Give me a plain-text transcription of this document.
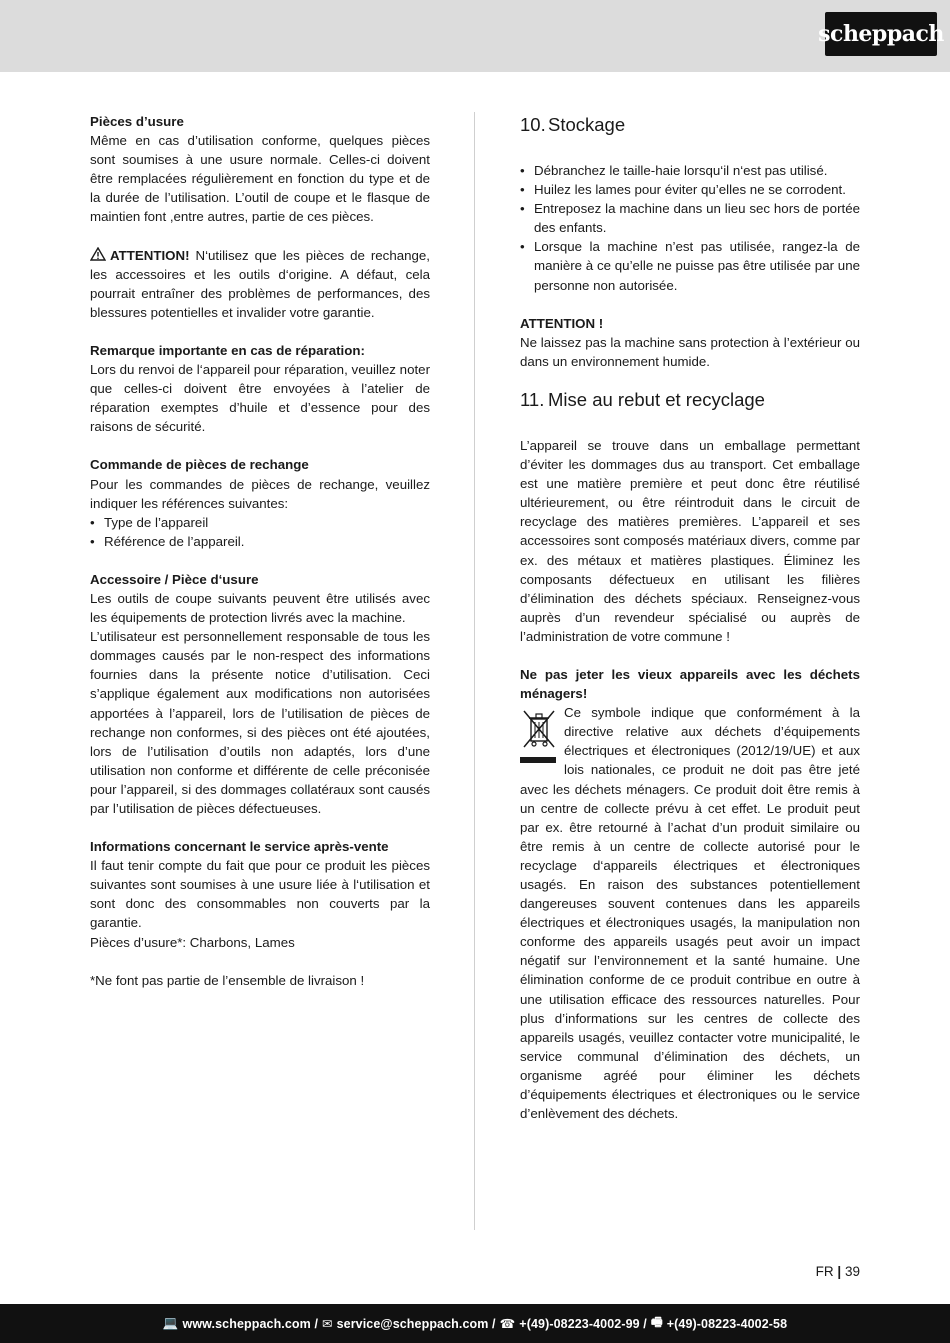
scheppach

Pièces d’usure

Même en cas d’utilisation conforme, quelques pièces sont soumises à une usure normale. Celles-ci doivent être remplacées régulièrement en fonction du type et de la durée de l’utilisation. L’outil de coupe et le flasque de maintien font ,entre autres, partie de ces pièces.

ATTENTION! N‘utilisez que les pièces de rechange, les accessoires et les outils d‘origine. A défaut, cela pourrait entraîner des problèmes de performances, des blessures potentielles et invalider votre garantie.

Remarque importante en cas de réparation:

Lors du renvoi de l‘appareil pour réparation, veuillez noter que celles-ci doivent être envoyées à l’atelier de réparation exemptes d’huile et d’essence pour des raisons de sécurité.

Commande de pièces de rechange

Pour les commandes de pièces de rechange, veuillez indiquer les références suivantes:

• Type de l’appareil
• Référence de l’appareil.

Accessoire / Pièce d‘usure

Les outils de coupe suivants peuvent être utilisés avec les équipements de protection livrés avec la machine.

L’utilisateur est personnellement responsable de tous les dommages causés par le non-respect des informations fournies dans la présente notice d’utilisation. Ceci s’applique également aux modifications non autorisées apportées à l’appareil, lors de l’utilisation de pièces de rechange non conformes, si des pièces ont été ajoutées, lors de l’utilisation d’outils non adaptés, lors d’une utilisation non conforme et différente de celle préconisée pour l’appareil, si des dommages collatéraux sont causés par l’utilisation de pièces défectueuses.

Informations concernant le service après-vente

Il faut tenir compte du fait que pour ce produit les pièces suivantes sont soumises à une usure liée à l‘utilisation et sont donc des consommables non couverts par la garantie.

Pièces d’usure*: Charbons, Lames

*Ne font pas partie de l’ensemble de livraison !

10. Stockage
• Débranchez le taille-haie lorsqu‘il n‘est pas utilisé.
• Huilez les lames pour éviter qu’elles ne se corrodent.
• Entreposez la machine dans un lieu sec hors de portée des enfants.
• Lorsque la machine n’est pas utilisée, rangez-la de manière à ce qu’elle ne puisse pas être utilisée par une personne non autorisée.

ATTENTION !

Ne laissez pas la machine sans protection à l’extérieur ou dans un environnement humide.

11. Mise au rebut et recyclage

L’appareil se trouve dans un emballage permettant d’éviter les dommages dus au transport. Cet emballage est une matière première et peut donc être réutilisé ultérieurement, ou être réintroduit dans le circuit de recyclage des matières premières. L’appareil et ses accessoires sont composés matériaux divers, comme par ex. des métaux et matières plastiques. Éliminez les composants défectueux en utilisant les filières d’élimination des déchets spéciaux. Renseignez-vous auprès d’un revendeur spécialisé ou auprès de l’administration de votre commune !

Ne pas jeter les vieux appareils avec les déchets ménagers!

Ce symbole indique que conformément à la directive relative aux déchets d’équipements électriques et électroniques (2012/19/UE) et aux lois nationales, ce produit ne doit pas être jeté avec les déchets ménagers. Ce produit doit être remis à un centre de collecte prévu à cet effet. Le produit peut par ex. être retourné à l’achat d’un produit similaire ou être remis à un centre de collecte autorisé pour le recyclage d‘appareils électriques et électroniques usagés. En raison des substances potentiellement dangereuses souvent contenues dans les appareils électriques et électroniques usagés, la manipulation non conforme des appareils usagés peut avoir un impact négatif sur l’environnement et la santé humaine. Une élimination conforme de ce produit contribue en outre à une utilisation efficace des ressources naturelles. Pour plus d’informations sur les centres de collecte des appareils usagés, veuillez contacter votre municipalité, le service communal d’élimination des déchets, un organisme agréé pour éliminer les déchets d’équipements électriques et électroniques ou le service d’enlèvement des déchets.

FR | 39
💻 www.scheppach.com / ✉ service@scheppach.com / ☎ +(49)-08223-4002-99 / 🖷 +(49)-08223-4002-58
